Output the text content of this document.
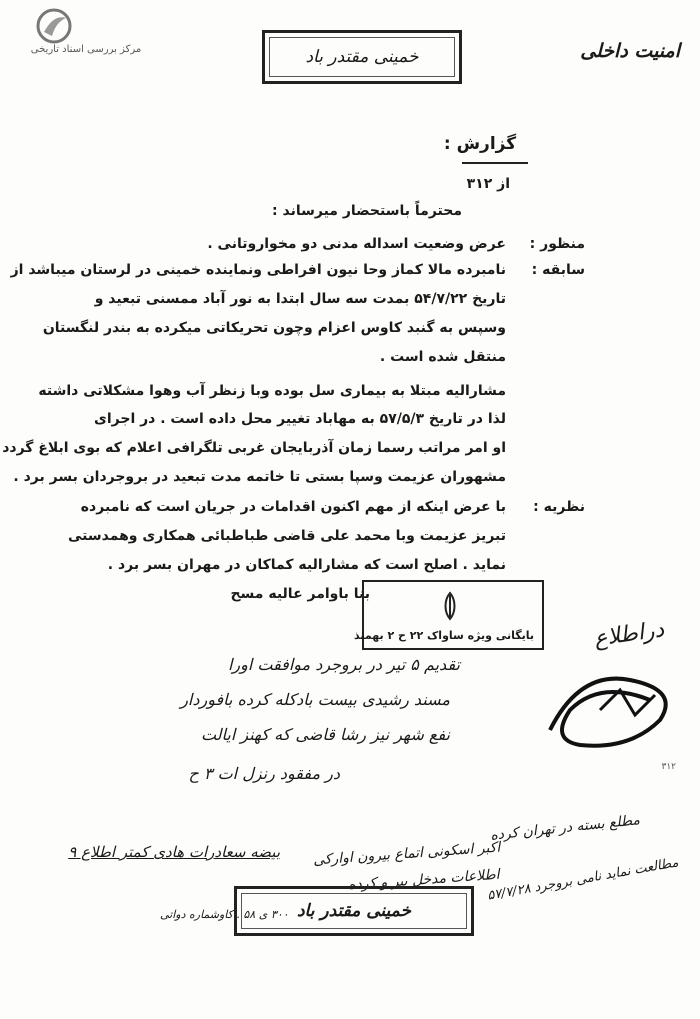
مرکز بررسی اسناد تاریخی	خمینی مقتدر باد	امنیت داخلی
گزارش :
از ۳۱۲
محترماً باستحضار میرساند :
منظور :
عرض وضعیت اسداله مدنی دو مخواروتانی .
سابقه :
نامبرده مالا کماز وحا نیون افراطی ونماینده خمینی در لرستان میباشد از
تاریخ ۵۴/۷/۲۲ بمدت سه سال ابتدا به نور آباد ممسنی تبعید و
وسپس به گنبد کاوس اعزام وچون تحریکاتی میکرده به بندر لنگستان
منتقل شده است .
مشارالیه مبتلا به بیماری سل بوده وبا زنظر آب وهوا مشکلاتی داشته
لذا در تاریخ ۵۷/۵/۳ به مهاباد تغییر محل داده است . در اجرای
او امر مراتب رسما زمان آذربایجان غربی تلگرافی اعلام که بوی ابلاغ گردد
مشهوران عزیمت وسپا بستی تا خاتمه مدت تبعید در بروجردان بسر برد .
نظریه :
با عرض اینکه از مهم اکنون اقدامات در جریان است که نامبرده
تبریز عزیمت وبا محمد علی قاضی طباطبائی همکاری وهمدستی
نماید . اصلح است که مشارالیه کماکان در مهران بسر برد .
بنا باوامر عالیه مسح
بایگانی ویژه ساواک ۲۲ ح ۲ بهمنذ	دراطلاع
۳۱۲
تقدیم ۵ تیر در بروجرد موافقت اورا
مسند رشیدی بیست بادکله کرده بافوردار
نفع شهر نیز رشا قاضی که کهنز ایالت
در مفقود رنزل ات ۳ ح
بیضه سعادرات هادی کمتر اطلاع ۹
مطلع بسته در تهران کرده
اکبر اسکونی اتماع بیرون اوارکی
اطلاعات مدخل بیر و کرده
مطالعت نماید نامی بروجرد ۵۷/۷/۲۸
۳۰۰ ی ۵۸ . کاوشماره دواتی خمینی مقتدر باد
